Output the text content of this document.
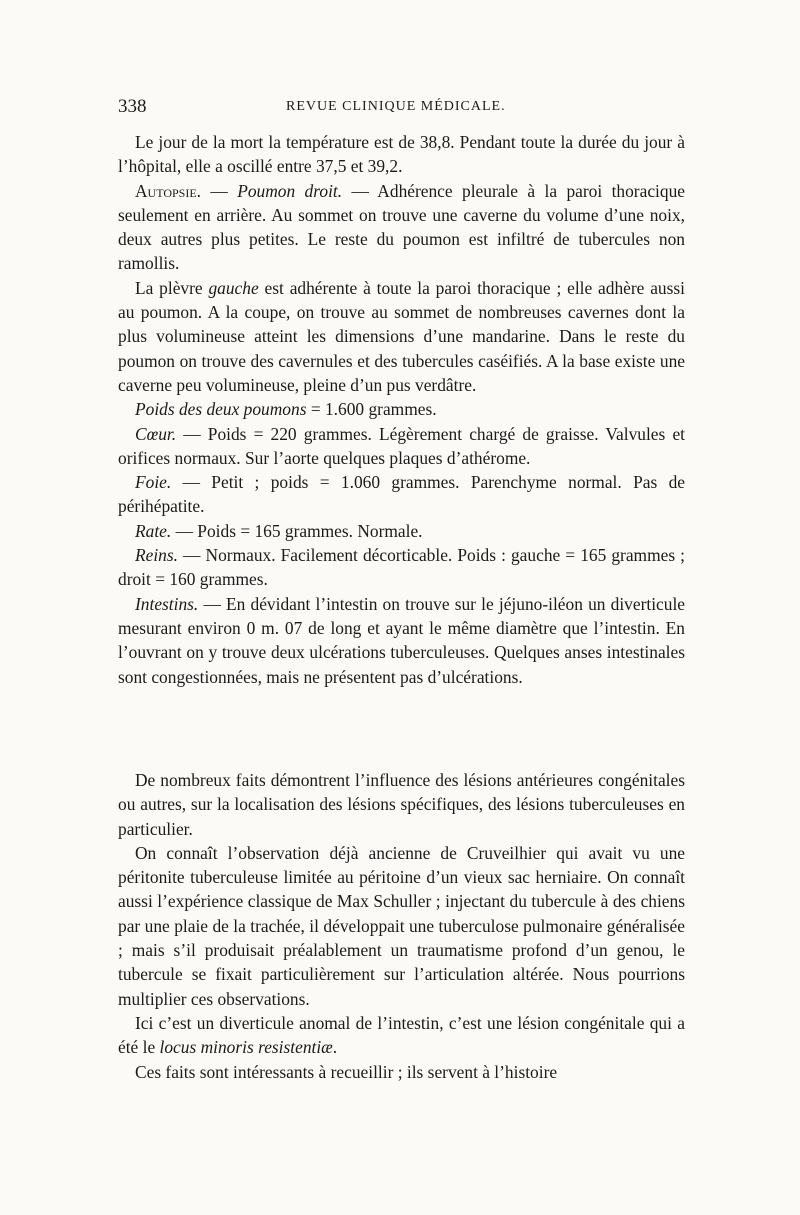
338	REVUE CLINIQUE MÉDICALE.

Le jour de la mort la température est de 38,8. Pendant toute la durée du jour à l’hôpital, elle a oscillé entre 37,5 et 39,2.

Autopsie. — Poumon droit. — Adhérence pleurale à la paroi thoracique seulement en arrière. Au sommet on trouve une caverne du volume d’une noix, deux autres plus petites. Le reste du poumon est infiltré de tubercules non ramollis.

La plèvre gauche est adhérente à toute la paroi thoracique ; elle adhère aussi au poumon. A la coupe, on trouve au sommet de nombreuses cavernes dont la plus volumineuse atteint les dimensions d’une mandarine. Dans le reste du poumon on trouve des cavernules et des tubercules caséifiés. A la base existe une caverne peu volumineuse, pleine d’un pus verdâtre.

Poids des deux poumons = 1.600 grammes.

Cœur. — Poids = 220 grammes. Légèrement chargé de graisse. Valvules et orifices normaux. Sur l’aorte quelques plaques d’athérome.

Foie. — Petit ; poids = 1.060 grammes. Parenchyme normal. Pas de périhépatite.

Rate. — Poids = 165 grammes. Normale.

Reins. — Normaux. Facilement décorticable. Poids : gauche = 165 grammes ; droit = 160 grammes.

Intestins. — En dévidant l’intestin on trouve sur le jéjuno-iléon un diverticule mesurant environ 0 m. 07 de long et ayant le même diamètre que l’intestin. En l’ouvrant on y trouve deux ulcérations tuberculeuses. Quelques anses intestinales sont congestionnées, mais ne présentent pas d’ulcérations.

De nombreux faits démontrent l’influence des lésions antérieures congénitales ou autres, sur la localisation des lésions spécifiques, des lésions tuberculeuses en particulier.

On connaît l’observation déjà ancienne de Cruveilhier qui avait vu une péritonite tuberculeuse limitée au péritoine d’un vieux sac herniaire. On connaît aussi l’expérience classique de Max Schuller ; injectant du tubercule à des chiens par une plaie de la trachée, il développait une tuberculose pulmonaire généralisée ; mais s’il produisait préalablement un traumatisme profond d’un genou, le tubercule se fixait particulièrement sur l’articulation altérée. Nous pourrions multiplier ces observations.

Ici c’est un diverticule anomal de l’intestin, c’est une lésion congénitale qui a été le locus minoris resistentiæ.

Ces faits sont intéressants à recueillir ; ils servent à l’histoire
